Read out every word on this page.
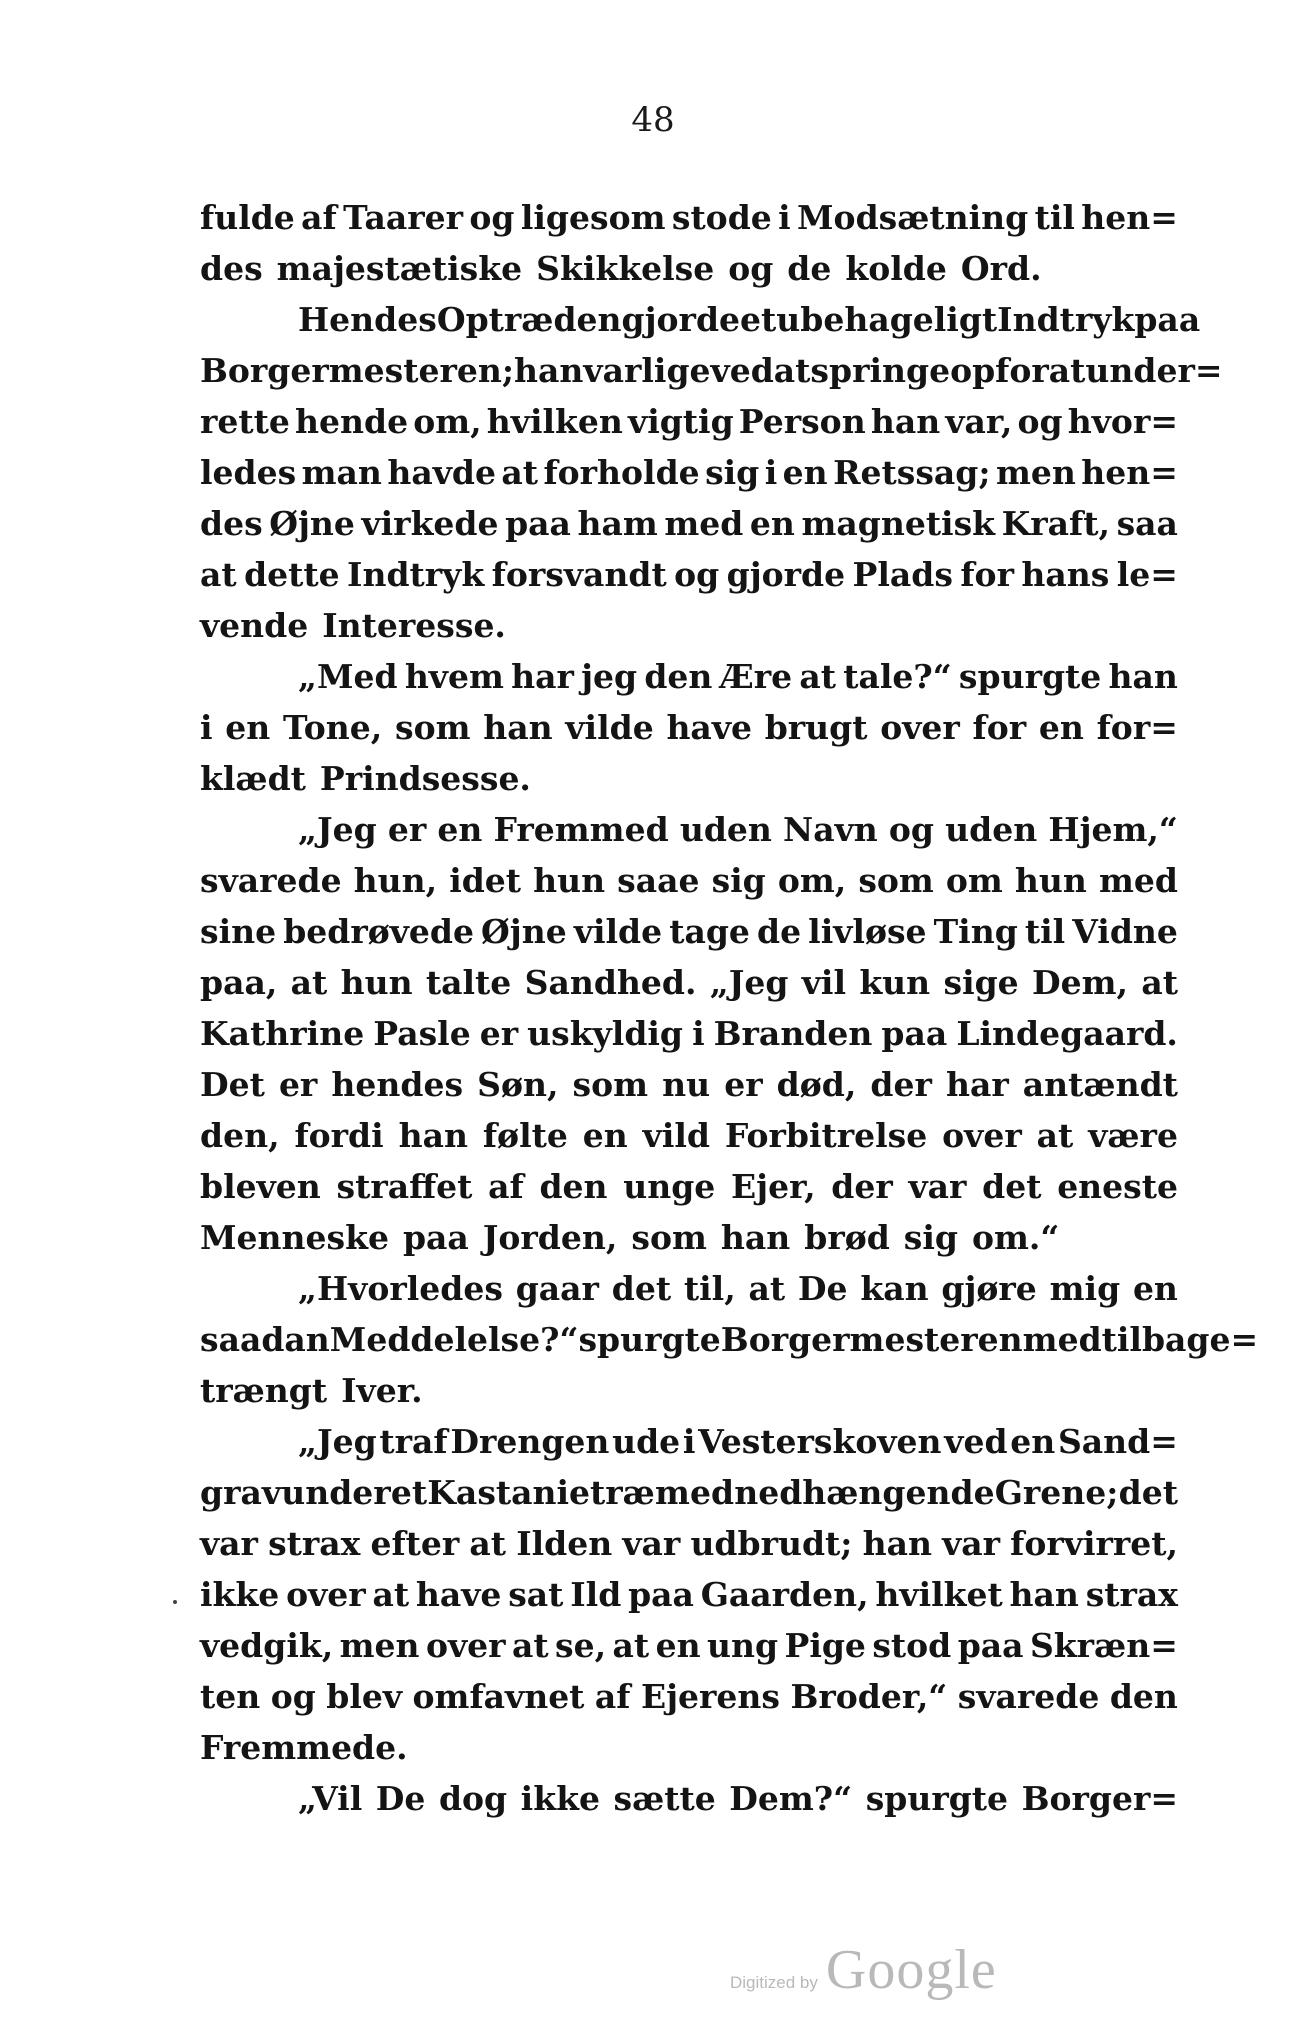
48
fulde af Taarer og ligesom stode i Modsætning til hen=
des majestætiske Skikkelse og de kolde Ord.
Hendes Optræden gjorde et ubehageligt Indtryk paa
Borgermesteren; han var lige ved at springe op for at under=
rette hende om, hvilken vigtig Person han var, og hvor=
ledes man havde at forholde sig i en Retssag; men hen=
des Øjne virkede paa ham med en magnetisk Kraft, saa
at dette Indtryk forsvandt og gjorde Plads for hans le=
vende Interesse.
„Med hvem har jeg den Ære at tale?“ spurgte han
i en Tone, som han vilde have brugt over for en for=
klædt Prindsesse.
„Jeg er en Fremmed uden Navn og uden Hjem,“
svarede hun, idet hun saae sig om, som om hun med
sine bedrøvede Øjne vilde tage de livløse Ting til Vidne
paa, at hun talte Sandhed. „Jeg vil kun sige Dem, at
Kathrine Pasle er uskyldig i Branden paa Lindegaard.
Det er hendes Søn, som nu er død, der har antændt
den, fordi han følte en vild Forbitrelse over at være
bleven straffet af den unge Ejer, der var det eneste
Menneske paa Jorden, som han brød sig om.“
„Hvorledes gaar det til, at De kan gjøre mig en
saadan Meddelelse?“ spurgte Borgermesteren med tilbage=
trængt Iver.
„Jeg traf Drengen ude i Vesterskoven ved en Sand=
grav under et Kastanietræ med nedhængende Grene; det
var strax efter at Ilden var udbrudt; han var forvirret,
ikke over at have sat Ild paa Gaarden, hvilket han strax
vedgik, men over at se, at en ung Pige stod paa Skræn=
ten og blev omfavnet af Ejerens Broder,“ svarede den
Fremmede.
„Vil De dog ikke sætte Dem?“ spurgte Borger=
Digitized by Google
